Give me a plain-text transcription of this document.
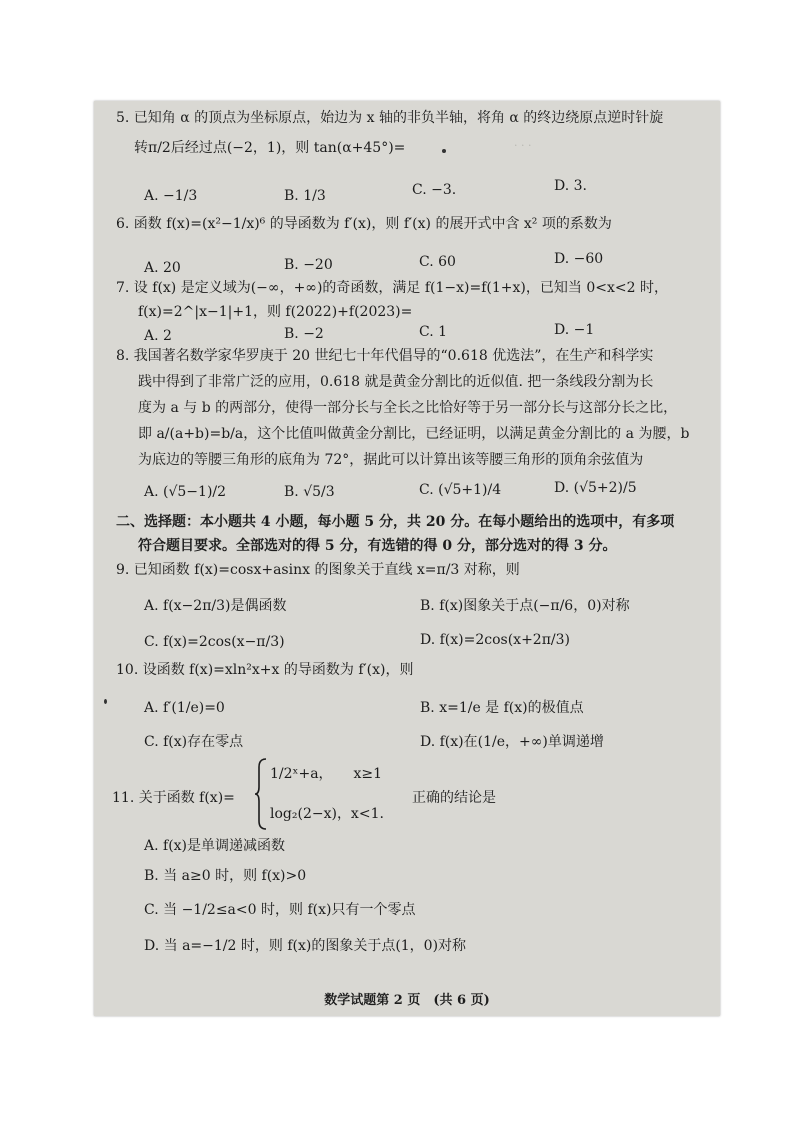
· · ·
5. 已知角 α 的顶点为坐标原点，始边为 x 轴的非负半轴，将角 α 的终边绕原点逆时针旋
转π/2后经过点(−2，1)，则 tan(α+45°)=
A. −1/3	B. 1/3	C. −3.	D. 3.
6. 函数 f(x)=(x²−1/x)⁶ 的导函数为 f′(x)，则 f′(x) 的展开式中含 x² 项的系数为
A. 20	B. −20	C. 60	D. −60
7. 设 f(x) 是定义域为(−∞，+∞)的奇函数，满足 f(1−x)=f(1+x)，已知当 0<x<2 时，
f(x)=2^|x−1|+1，则 f(2022)+f(2023)=
A. 2	B. −2	C. 1	D. −1
8. 我国著名数学家华罗庚于 20 世纪七十年代倡导的“0.618 优选法”，在生产和科学实
践中得到了非常广泛的应用，0.618 就是黄金分割比的近似值. 把一条线段分割为长
度为 a 与 b 的两部分，使得一部分长与全长之比恰好等于另一部分长与这部分长之比，
即 a/(a+b)=b/a，这个比值叫做黄金分割比，已经证明，以满足黄金分割比的 a 为腰，b
为底边的等腰三角形的底角为 72°，据此可以计算出该等腰三角形的顶角余弦值为
A. (√5−1)/2	B. √5/3	C. (√5+1)/4	D. (√5+2)/5
二、选择题：本小题共 4 小题，每小题 5 分，共 20 分。在每小题给出的选项中，有多项
符合题目要求。全部选对的得 5 分，有选错的得 0 分，部分选对的得 3 分。
9. 已知函数 f(x)=cosx+asinx 的图象关于直线 x=π/3 对称，则
A. f(x−2π/3)是偶函数	B. f(x)图象关于点(−π/6，0)对称
C. f(x)=2cos(x−π/3)	D. f(x)=2cos(x+2π/3)
10. 设函数 f(x)=xln²x+x 的导函数为 f′(x)，则
A. f′(1/e)=0	B. x=1/e 是 f(x)的极值点
C. f(x)存在零点	D. f(x)在(1/e，+∞)单调递增
11. 关于函数 f(x)=
1/2ˣ+a，　　x≥1
log₂(2−x)，x<1.
正确的结论是
A. f(x)是单调递减函数
B. 当 a≥0 时，则 f(x)>0
C. 当 −1/2≤a<0 时，则 f(x)只有一个零点
D. 当 a=−1/2 时，则 f(x)的图象关于点(1，0)对称
数学试题第 2 页　(共 6 页)
